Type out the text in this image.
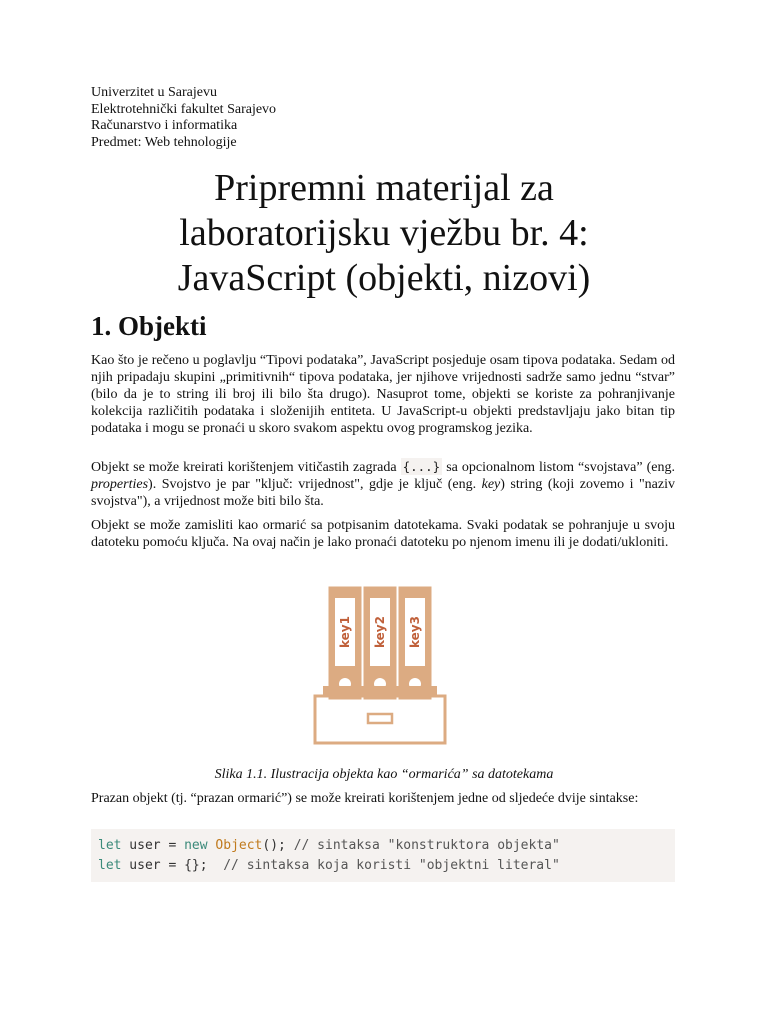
Univerzitet u Sarajevu
Elektrotehnički fakultet Sarajevo
Računarstvo i informatika
Predmet: Web tehnologije
Pripremni materijal za
laboratorijsku vježbu br. 4:
JavaScript (objekti, nizovi)
1. Objekti

Kao što je rečeno u poglavlju “Tipovi podataka”, JavaScript posjeduje osam tipova podataka. Sedam od njih pripadaju skupini „primitivnih“ tipova podataka, jer njihove vrijednosti sadrže samo jednu “stvar” (bilo da je to string ili broj ili bilo šta drugo). Nasuprot tome, objekti se koriste za pohranjivanje kolekcija različitih podataka i složenijih entiteta. U JavaScript-u objekti predstavljaju jako bitan tip podataka i mogu se pronaći u skoro svakom aspektu ovog programskog jezika.

Objekt se može kreirati korištenjem vitičastih zagrada {...} sa opcionalnom listom “svojstava” (eng. properties). Svojstvo je par "ključ: vrijednost", gdje je ključ (eng. key) string (koji zovemo i "naziv svojstva"), a vrijednost može biti bilo šta.

Objekt se može zamisliti kao ormarić sa potpisanim datotekama. Svaki podatak se pohranjuje u svoju datoteku pomoću ključa. Na ovaj način je lako pronaći datoteku po njenom imenu ili je dodati/ukloniti.

key1 key2 key3
Slika 1.1. Ilustracija objekta kao “ormarića” sa datotekama

Prazan objekt (tj. “prazan ormarić”) se može kreirati korištenjem jedne od sljedeće dvije sintakse:

let user = new Object(); // sintaksa "konstruktora objekta"
let user = {};  // sintaksa koja koristi "objektni literal"
